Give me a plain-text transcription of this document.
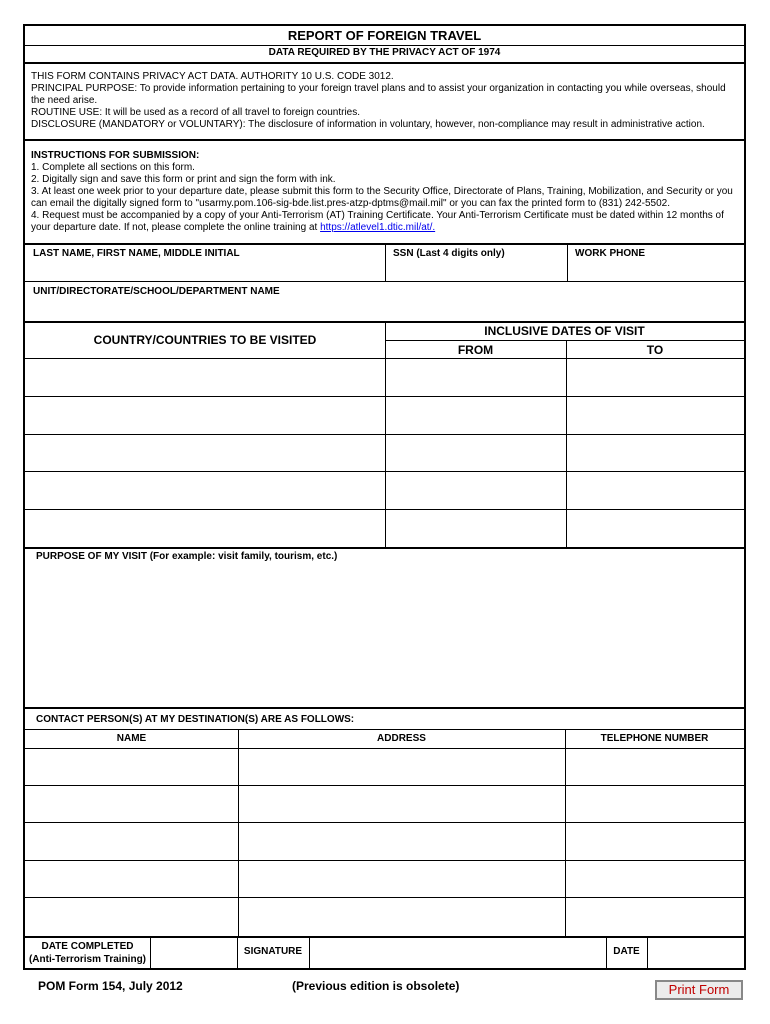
REPORT OF FOREIGN TRAVEL
DATA REQUIRED BY THE PRIVACY ACT OF 1974
THIS FORM CONTAINS PRIVACY ACT DATA. AUTHORITY 10 U.S. CODE 3012.
PRINCIPAL PURPOSE: To provide information pertaining to your foreign travel plans and to assist your organization in contacting you while overseas, should the need arise.
ROUTINE USE: It will be used as a record of all travel to foreign countries.
DISCLOSURE (MANDATORY or VOLUNTARY): The disclosure of information in voluntary, however, non-compliance may result in administrative action.
INSTRUCTIONS FOR SUBMISSION:
1. Complete all sections on this form.
2. Digitally sign and save this form or print and sign the form with ink.
3. At least one week prior to your departure date, please submit this form to the Security Office, Directorate of Plans, Training, Mobilization, and Security or you can email the digitally signed form to "usarmy.pom.106-sig-bde.list.pres-atzp-dptms@mail.mil" or you can fax the printed form to (831) 242-5502.
4. Request must be accompanied by a copy of your Anti-Terrorism (AT) Training Certificate. Your Anti-Terrorism Certificate must be dated within 12 months of your departure date. If not, please complete the online training at https://atlevel1.dtic.mil/at/.
LAST NAME, FIRST NAME, MIDDLE INITIAL	SSN (Last 4 digits only)	WORK PHONE
UNIT/DIRECTORATE/SCHOOL/DEPARTMENT NAME
COUNTRY/COUNTRIES TO BE VISITED
INCLUSIVE DATES OF VISIT
FROM	TO
PURPOSE OF MY VISIT (For example: visit family, tourism, etc.)
CONTACT PERSON(S) AT MY DESTINATION(S) ARE AS FOLLOWS:
NAME	ADDRESS	TELEPHONE NUMBER
DATE COMPLETED
(Anti-Terrorism Training)
SIGNATURE	DATE
POM Form 154, July 2012	(Previous edition is obsolete)	Print Form
